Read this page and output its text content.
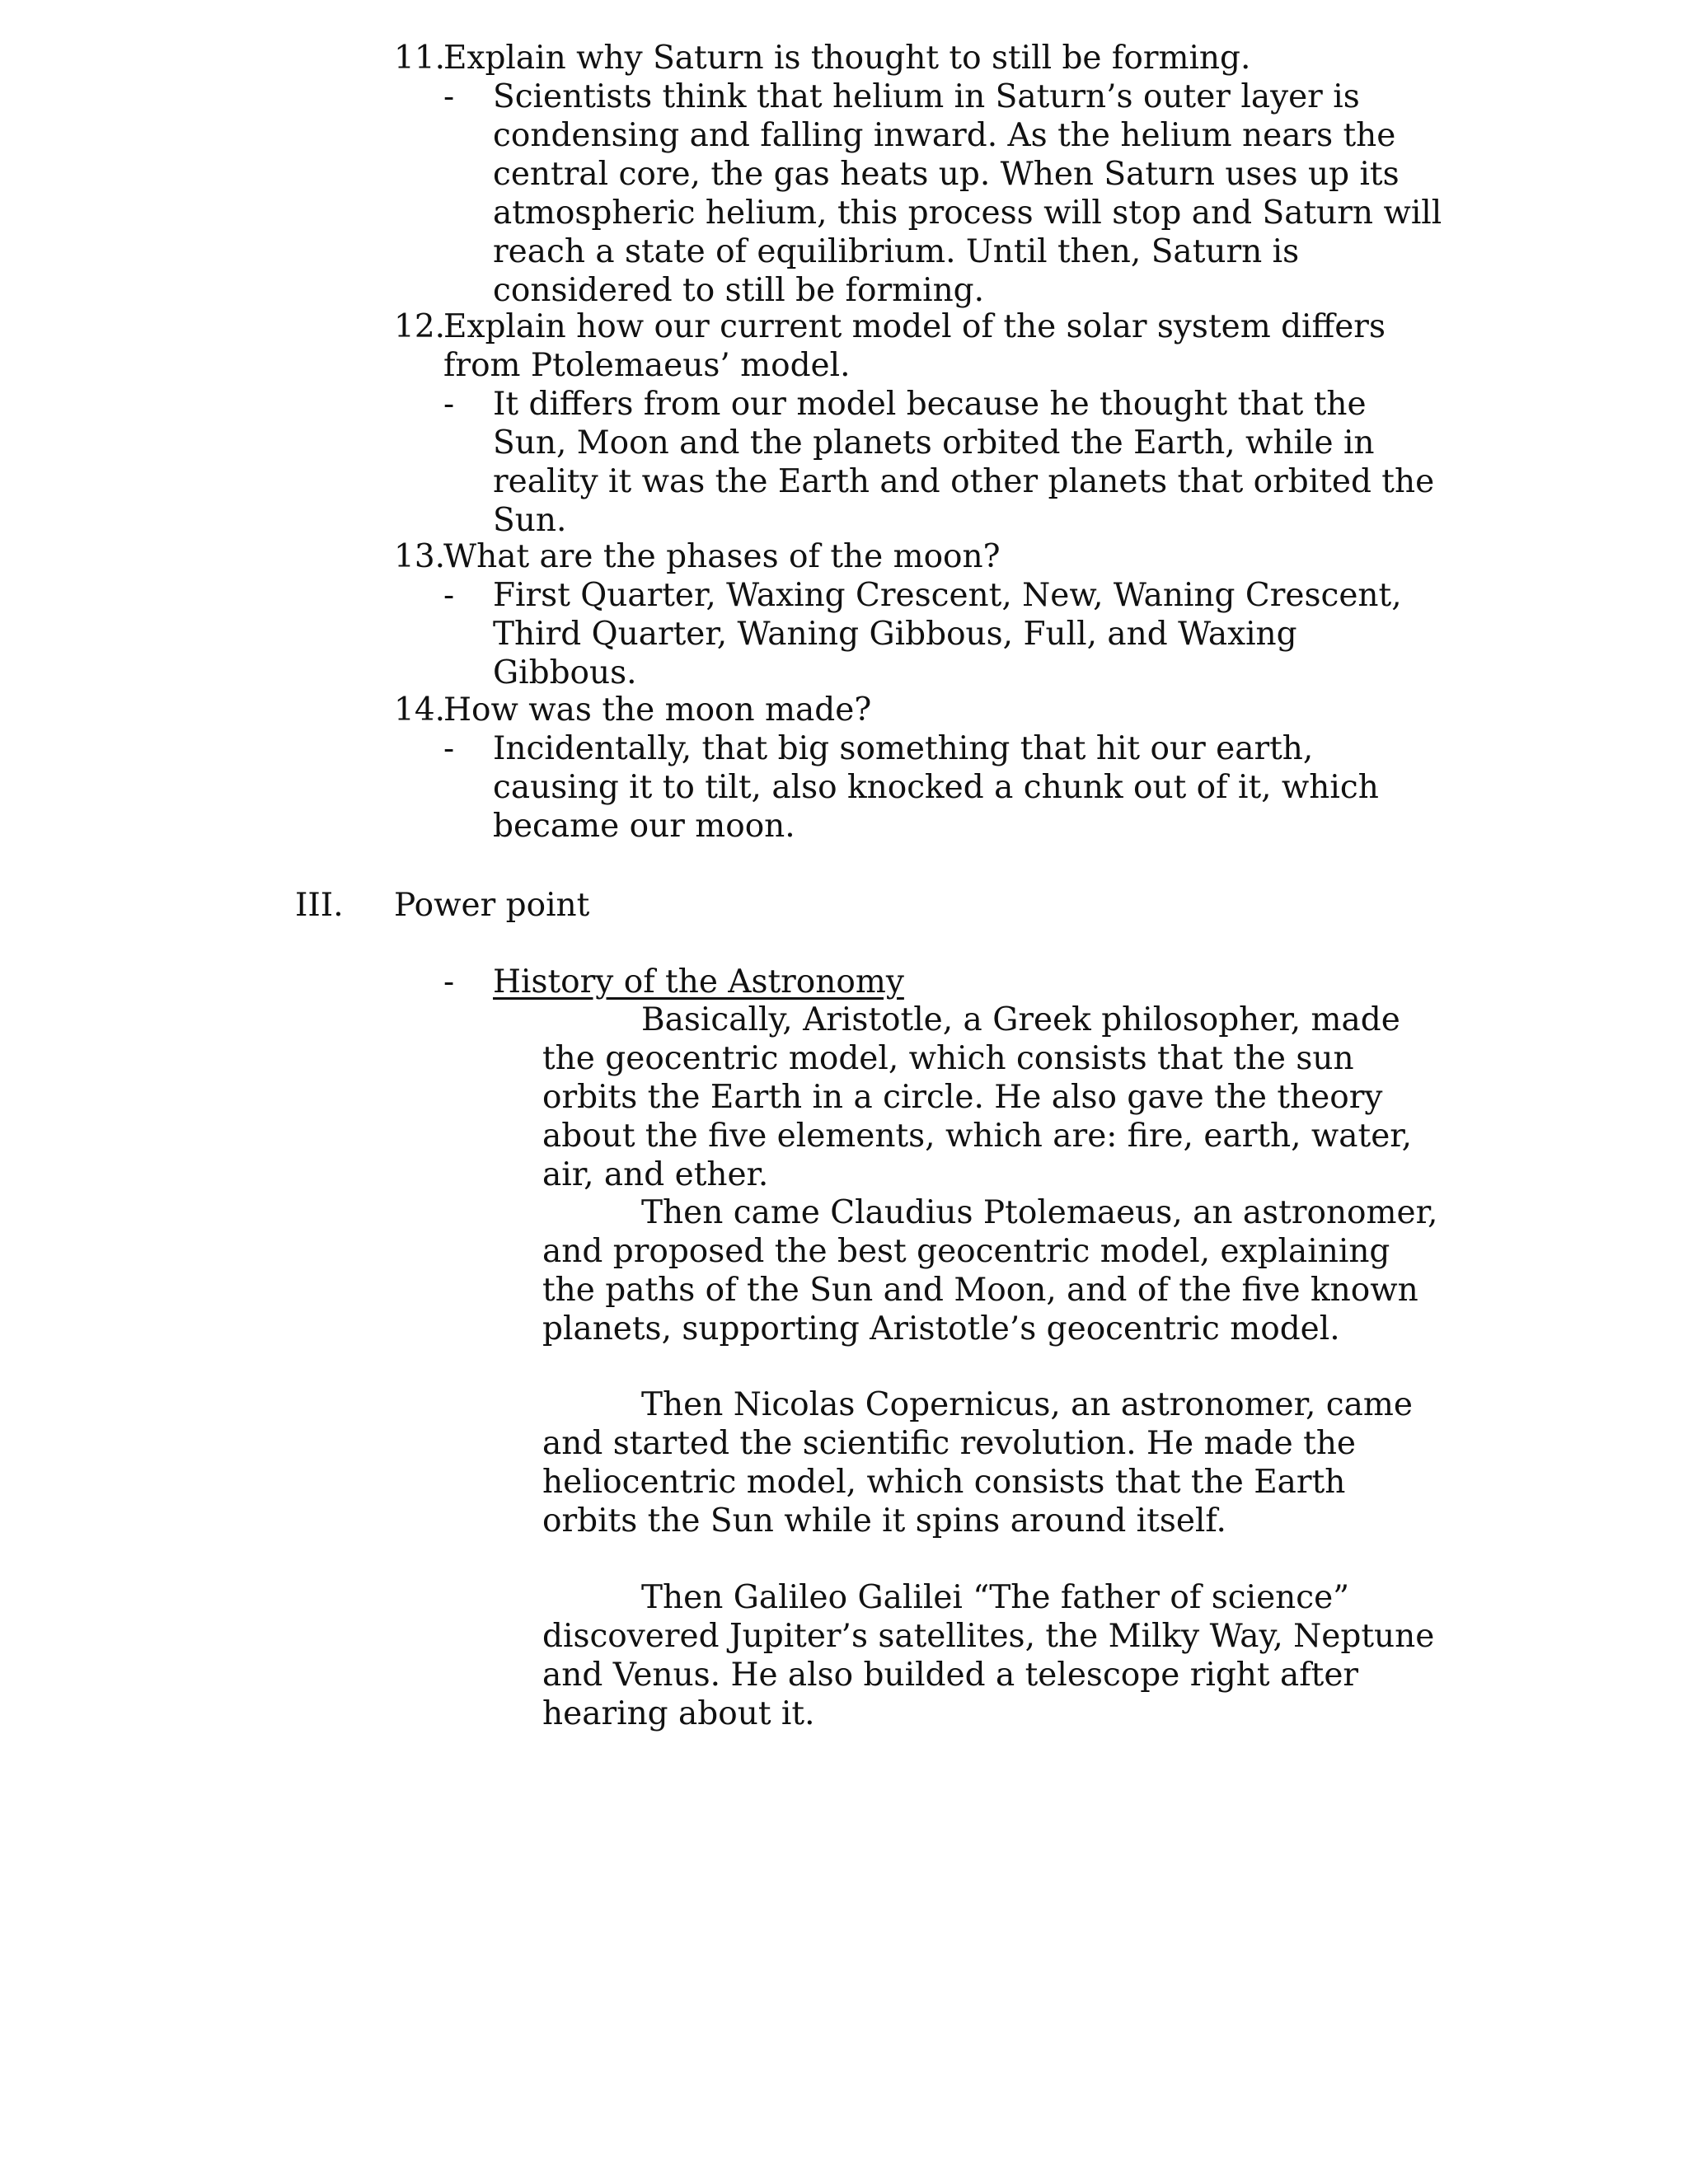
11.
Explain why Saturn is thought to still be forming.
- Scientists think that helium in Saturn’s outer layer is condensing and falling inward. As the helium nears the central core, the gas heats up. When Saturn uses up its atmospheric helium, this process will stop and Saturn will reach a state of equilibrium. Until then, Saturn is considered to still be forming.
12.
Explain how our current model of the solar system differs from Ptolemaeus’ model.
- It differs from our model because he thought that the Sun, Moon and the planets orbited the Earth, while in reality it was the Earth and other planets that orbited the Sun.
13.
What are the phases of the moon?
- First Quarter, Waxing Crescent, New, Waning Crescent, Third Quarter, Waning Gibbous, Full, and Waxing Gibbous.
14.
How was the moon made?
- Incidentally, that big something that hit our earth, causing it to tilt, also knocked a chunk out of it, which became our moon.
III. Power point
- History of the Astronomy

Basically, Aristotle, a Greek philosopher, made the geocentric model, which consists that the sun orbits the Earth in a circle. He also gave the theory about the five elements, which are: fire, earth, water, air, and ether.

Then came Claudius Ptolemaeus, an astronomer, and proposed the best geocentric model, explaining the paths of the Sun and Moon, and of the five known planets, supporting Aristotle’s geocentric model.

Then Nicolas Copernicus, an astronomer, came and started the scientific revolution. He made the heliocentric model, which consists that the Earth orbits the Sun while it spins around itself.

Then Galileo Galilei “The father of science” discovered Jupiter’s satellites, the Milky Way, Neptune and Venus. He also builded a telescope right after hearing about it.
